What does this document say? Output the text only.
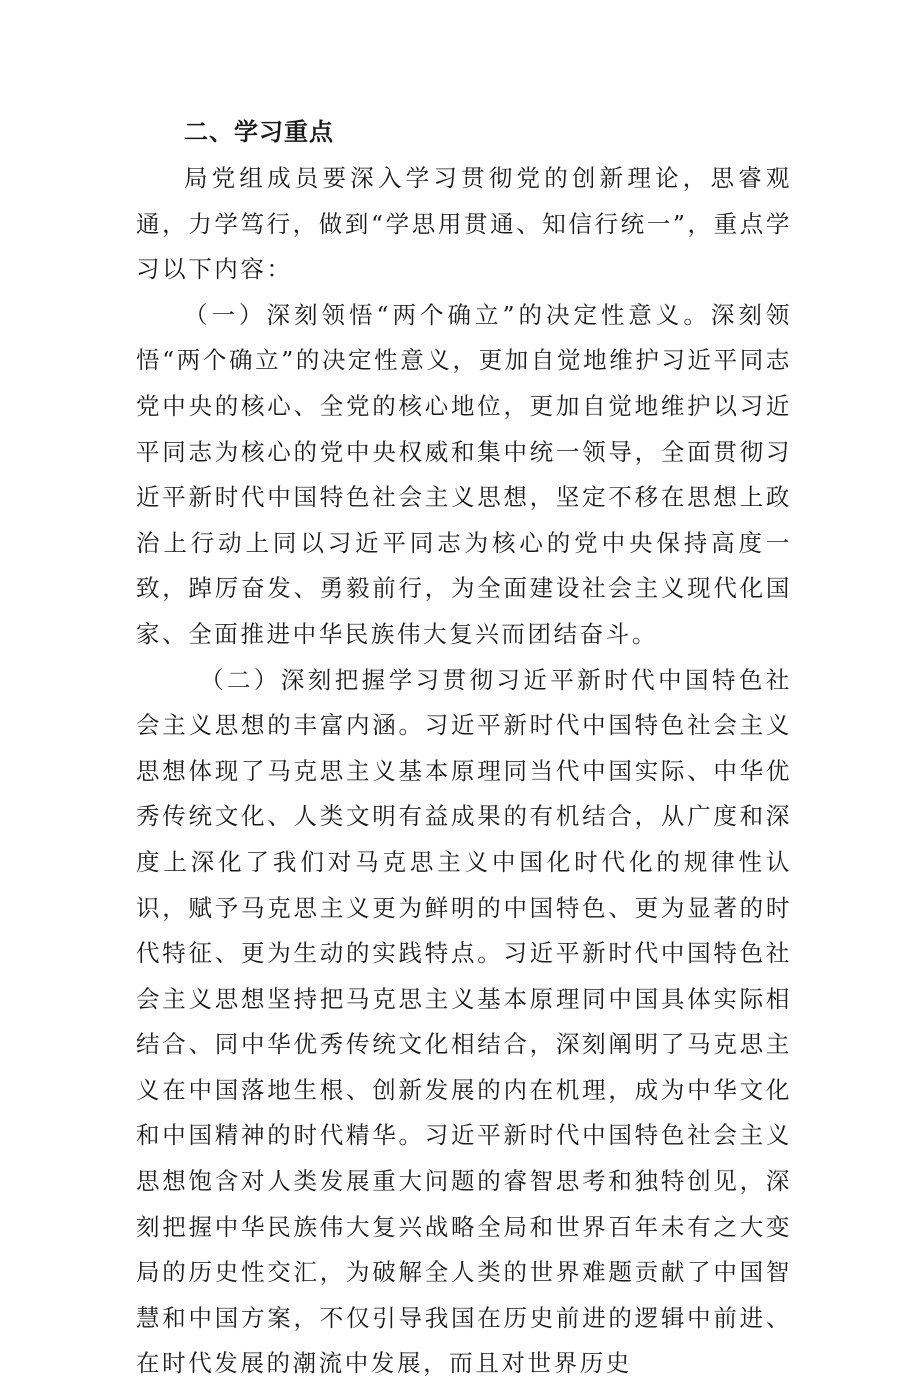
二、学习重点

局党组成员要深入学习贯彻党的创新理论，思睿观通，力学笃行，做到“学思用贯通、知信行统一”，重点学习以下内容：

（一）深刻领悟“两个确立”的决定性意义。深刻领悟“两个确立”的决定性意义，更加自觉地维护习近平同志党中央的核心、全党的核心地位，更加自觉地维护以习近平同志为核心的党中央权威和集中统一领导，全面贯彻习近平新时代中国特色社会主义思想，坚定不移在思想上政治上行动上同以习近平同志为核心的党中央保持高度一致，踔厉奋发、勇毅前行，为全面建设社会主义现代化国家、全面推进中华民族伟大复兴而团结奋斗。

（二）深刻把握学习贯彻习近平新时代中国特色社会主义思想的丰富内涵。习近平新时代中国特色社会主义思想体现了马克思主义基本原理同当代中国实际、中华优秀传统文化、人类文明有益成果的有机结合，从广度和深度上深化了我们对马克思主义中国化时代化的规律性认识，赋予马克思主义更为鲜明的中国特色、更为显著的时代特征、更为生动的实践特点。习近平新时代中国特色社会主义思想坚持把马克思主义基本原理同中国具体实际相结合、同中华优秀传统文化相结合，深刻阐明了马克思主义在中国落地生根、创新发展的内在机理，成为中华文化和中国精神的时代精华。习近平新时代中国特色社会主义思想饱含对人类发展重大问题的睿智思考和独特创见，深刻把握中华民族伟大复兴战略全局和世界百年未有之大变局的历史性交汇，为破解全人类的世界难题贡献了中国智慧和中国方案，不仅引导我国在历史前进的逻辑中前进、在时代发展的潮流中发展，而且对世界历史
